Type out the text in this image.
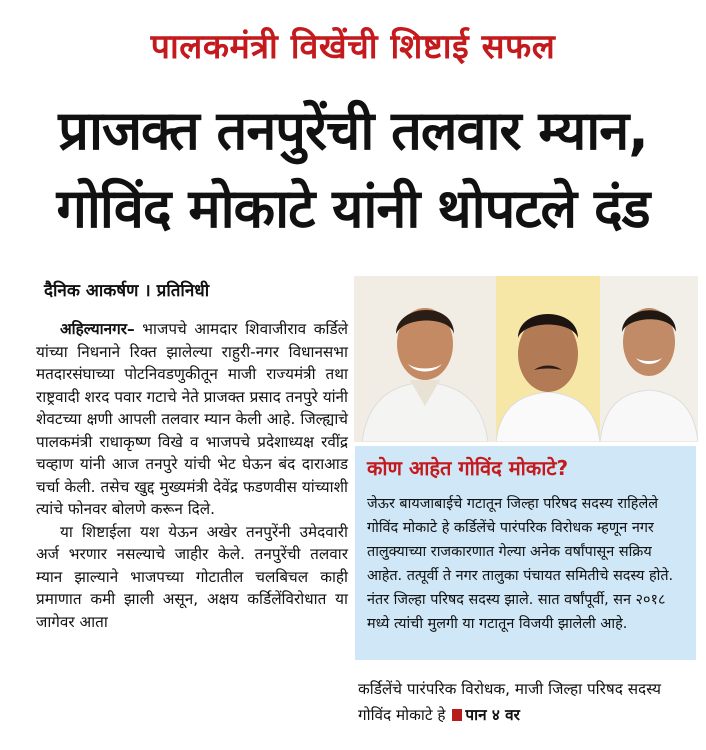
पालकमंत्री विखेंची शिष्टाई सफल
प्राजक्त तनपुरेंची तलवार म्यान,
गोविंद मोकाटे यांनी थोपटले दंड
दैनिक आकर्षण । प्रतिनिधी

अहिल्यानगर– भाजपचे आमदार शिवाजीराव कर्डिले यांच्या निधनाने रिक्त झालेल्या राहुरी-नगर विधानसभा मतदारसंघाच्या पोटनिवडणुकीतून माजी राज्यमंत्री तथा राष्ट्रवादी शरद पवार गटाचे नेते प्राजक्त प्रसाद तनपुरे यांनी शेवटच्या क्षणी आपली तलवार म्यान केली आहे. जिल्ह्याचे पालकमंत्री राधाकृष्ण विखे व भाजपचे प्रदेशाध्यक्ष रवींद्र चव्हाण यांनी आज तनपुरे यांची भेट घेऊन बंद दाराआड चर्चा केली. तसेच खुद्द मुख्यमंत्री देवेंद्र फडणवीस यांच्याशी त्यांचे फोनवर बोलणे करून दिले.

या शिष्टाईला यश येऊन अखेर तनपुरेंनी उमेदवारी अर्ज भरणार नसल्याचे जाहीर केले. तनपुरेंची तलवार म्यान झाल्याने भाजपच्या गोटातील चलबिचल काही प्रमाणात कमी झाली असून, अक्षय कर्डिलेंविरोधात या जागेवर आता

कोण आहेत गोविंद मोकाटे?
जेऊर बायजाबाईचे गटातून जिल्हा परिषद सदस्य राहिलेले गोविंद मोकाटे हे कर्डिलेंचे पारंपरिक विरोधक म्हणून नगर तालुक्याच्या राजकारणात गेल्या अनेक वर्षांपासून सक्रिय आहेत. तत्पूर्वी ते नगर तालुका पंचायत समितीचे सदस्य होते. नंतर जिल्हा परिषद सदस्य झाले. सात वर्षांपूर्वी, सन २०१८ मध्ये त्यांची मुलगी या गटातून विजयी झालेली आहे.
कर्डिलेंचे पारंपरिक विरोधक, माजी जिल्हा परिषद सदस्य गोविंद मोकाटे हे पान ४ वर
